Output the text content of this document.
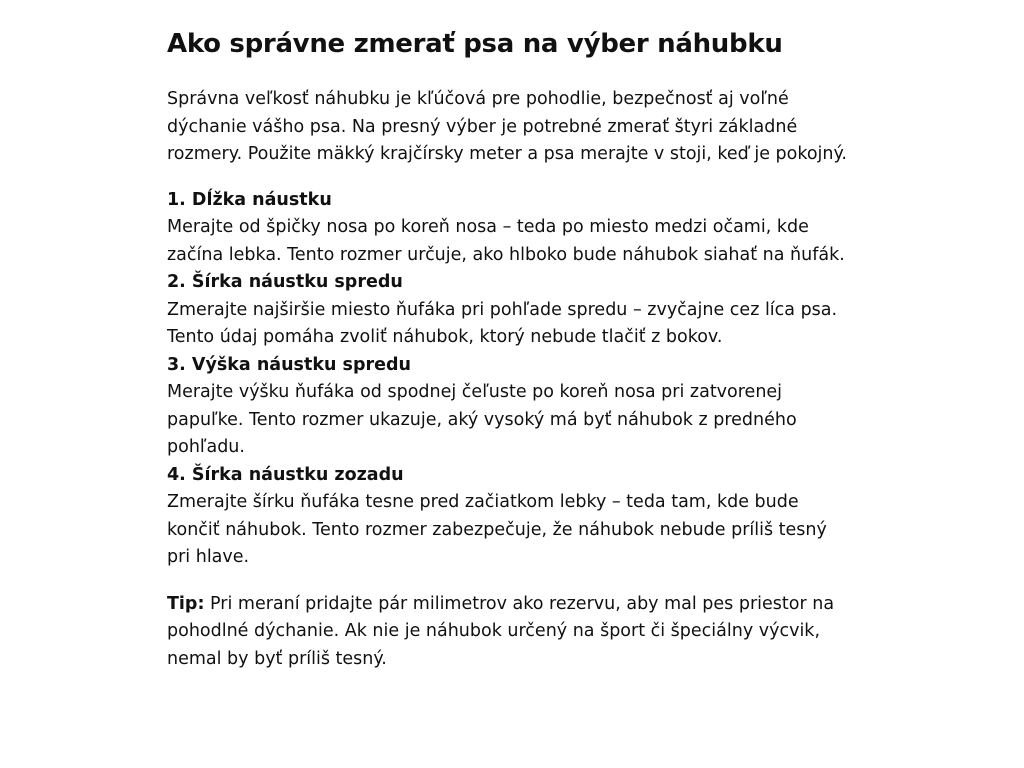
Ako správne zmerať psa na výber náhubku

Správna veľkosť náhubku je kľúčová pre pohodlie, bezpečnosť aj voľné dýchanie vášho psa. Na presný výber je potrebné zmerať štyri základné rozmery. Použite mäkký krajčírsky meter a psa merajte v stoji, keď je pokojný.

1. Dĺžka náustku

Merajte od špičky nosa po koreň nosa – teda po miesto medzi očami, kde začína lebka. Tento rozmer určuje, ako hlboko bude náhubok siahať na ňufák.

2. Šírka náustku spredu

Zmerajte najširšie miesto ňufáka pri pohľade spredu – zvyčajne cez líca psa. Tento údaj pomáha zvoliť náhubok, ktorý nebude tlačiť z bokov.

3. Výška náustku spredu

Merajte výšku ňufáka od spodnej čeľuste po koreň nosa pri zatvorenej papuľke. Tento rozmer ukazuje, aký vysoký má byť náhubok z predného pohľadu.

4. Šírka náustku zozadu

Zmerajte šírku ňufáka tesne pred začiatkom lebky – teda tam, kde bude končiť náhubok. Tento rozmer zabezpečuje, že náhubok nebude príliš tesný pri hlave.

Tip: Pri meraní pridajte pár milimetrov ako rezervu, aby mal pes priestor na pohodlné dýchanie. Ak nie je náhubok určený na šport či špeciálny výcvik, nemal by byť príliš tesný.
